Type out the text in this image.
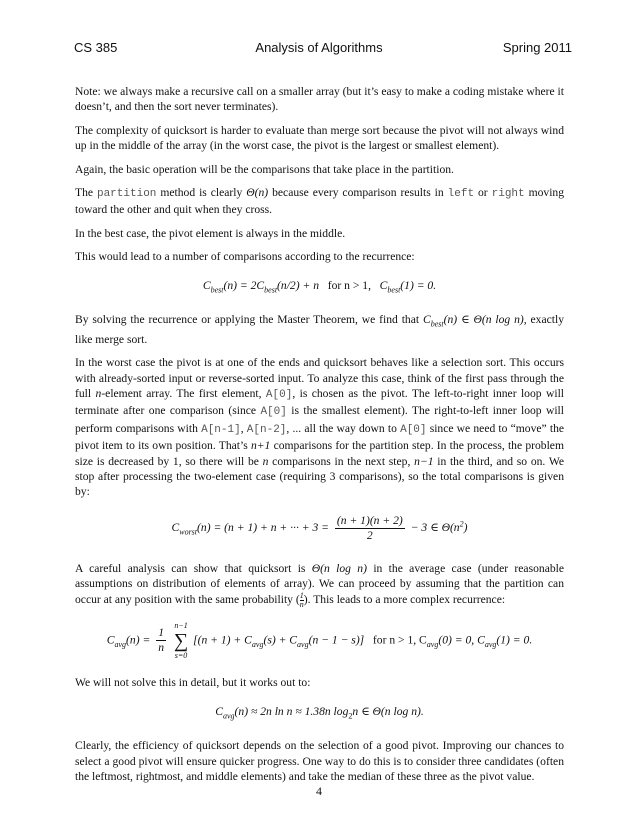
CS 385	Analysis of Algorithms	Spring 2011

Note: we always make a recursive call on a smaller array (but it’s easy to make a coding mistake where it doesn’t, and then the sort never terminates).

The complexity of quicksort is harder to evaluate than merge sort because the pivot will not always wind up in the middle of the array (in the worst case, the pivot is the largest or smallest element).

Again, the basic operation will be the comparisons that take place in the partition.

The partition method is clearly Θ(n) because every comparison results in left or right moving toward the other and quit when they cross.

In the best case, the pivot element is always in the middle.

This would lead to a number of comparisons according to the recurrence:

$C_{best}(n) = 2C_{best}(n/2) + n$ for n > 1, $C_{best}(1) = 0$.

By solving the recurrence or applying the Master Theorem, we find that $C_{best}(n)$ ∈ Θ(n log n), exactly like merge sort.

In the worst case the pivot is at one of the ends and quicksort behaves like a selection sort. This occurs with already-sorted input or reverse-sorted input. To analyze this case, think of the first pass through the full n-element array. The first element, A[0], is chosen as the pivot. The left-to-right inner loop will terminate after one comparison (since A[0] is the smallest element). The right-to-left inner loop will perform comparisons with A[n-1], A[n-2], ... all the way down to A[0] since we need to “move” the pivot item to its own position. That’s n+1 comparisons for the partition step. In the process, the problem size is decreased by 1, so there will be n comparisons in the next step, n−1 in the third, and so on. We stop after processing the two-element case (requiring 3 comparisons), so the total comparisons is given by:

$C_{worst}(n) = (n + 1) + n$ + ··· + $3 = \frac{(n + 1)(n + 2)}{2} - 3$ ∈ $\Theta(n^2)$

A careful analysis can show that quicksort is Θ(n log n) in the average case (under reasonable assumptions on distribution of elements of array). We can proceed by assuming that the partition can occur at any position with the same probability ( $\frac{1}{n}$ ). This leads to a more complex recurrence:

$C_{avg}(n) = \frac{1}{n}$

n−1
∑
s=0
$[(n + 1) + C_{avg}(s) + C_{avg}(n - 1 - s)]$ for n > 1, $C_{avg}(0) = 0$, $C_{avg}(1) = 0$.

We will not solve this in detail, but it works out to:

$C_{avg}(n) \approx 2n$ ln n ≈ 1.38n $\log_2n$ ∈ Θ(n log n).

Clearly, the efficiency of quicksort depends on the selection of a good pivot. Improving our chances to select a good pivot will ensure quicker progress. One way to do this is to consider three candidates (often the leftmost, rightmost, and middle elements) and take the median of these three as the pivot value.

4
